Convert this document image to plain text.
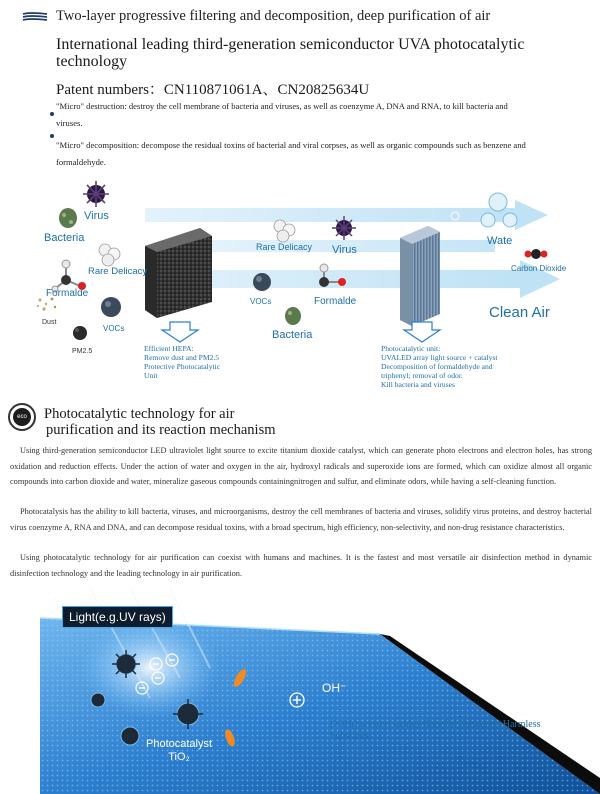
Two-layer progressive filtering and decomposition, deep purification of air
International leading third-generation semiconductor UVA photocatalytic technology
Patent numbers：CN110871061A、CN20825634U
"Micro" destruction: destroy the cell membrane of bacteria and viruses, as well as coenzyme A, DNA and RNA, to kill bacteria and viruses.
"Micro" decomposition: decompose the residual toxins of bacterial and viral corpses, as well as organic compounds such as benzene and formaldehyde.
Virus
Bacteria
Rare Delicacy
Formalde
Dust
VOCs
PM2.5
Rare Delicacy Virus
VOCs	Formalde
Bacteria
Wate
Carbon Dioxide
Clean Air
Efficient HEPA:
Remove dust and PM2.5
Protective Photocatalytic
Unit
Photocatalytic unit:
UVALED array light source + catalyst
Decomposition of formaldehyde and
triphenyl; removal of odor.
Kill bacteria and viruses
eco Photocatalytic technology for air
purification and its reaction mechanism
Using third-generation semiconductor LED ultraviolet light source to excite titanium dioxide catalyst, which can generate photo electrons and electron holes, has strong oxidation and reduction effects. Under the action of water and oxygen in the air, hydroxyl radicals and superoxide ions are formed, which can oxidize almost all organic compounds into carbon dioxide and water, mineralize gaseous compounds containingnitrogen and sulfur, and eliminate odors, while having a self-cleaning function.
Photocatalysis has the ability to kill bacteria, viruses, and microorganisms, destroy the cell membranes of bacteria and viruses, solidify virus proteins, and destroy bacterial virus coenzyme A, RNA and DNA, and can decompose residual toxins, with a broad spectrum, high efficiency, non-selectivity, and non-drug resistance characteristics.
Using photocatalytic technology for air purification can coexist with humans and machines. It is the fastest and most versatile air disinfection method in dynamic disinfection technology and the leading technology in air purification.
Light(e.g.UV rays)
OH⁻
Photocatalyst
TiO₂
OOH(hydroxyl oxide)-Harmful Substance-Harmless Substance
